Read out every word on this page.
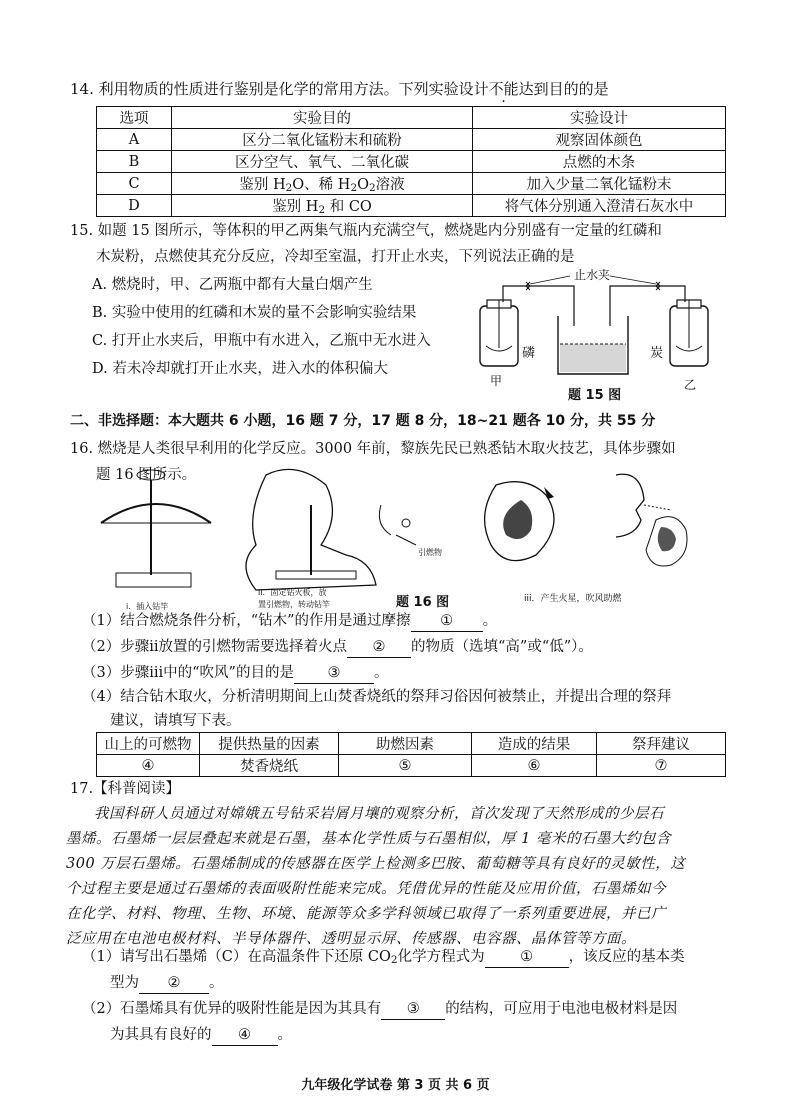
14. 利用物质的性质进行鉴别是化学的常用方法。下列实验设计不能达到目的的是
选项	实验目的	实验设计
A	区分二氧化锰粉末和硫粉	观察固体颜色
B	区分空气、氧气、二氧化碳	点燃的木条
C	鉴别 $H_2O$、稀 $H_2O_2$溶液	加入少量二氧化锰粉末
D	鉴别 $H_2$ 和 CO	将气体分别通入澄清石灰水中
15. 如题 15 图所示，等体积的甲乙两集气瓶内充满空气，燃烧匙内分别盛有一定量的红磷和
木炭粉，点燃使其充分反应，冷却至室温，打开止水夹，下列说法正确的是
A. 燃烧时，甲、乙两瓶中都有大量白烟产生
B. 实验中使用的红磷和木炭的量不会影响实验结果
C. 打开止水夹后，甲瓶中有水进入，乙瓶中无水进入
D. 若未冷却就打开止水夹，进入水的体积偏大
止水夹
磷	炭
甲	乙
题 15 图
二、非选择题：本大题共 6 小题，16 题 7 分，17 题 8 分，18~21 题各 10 分，共 55 分
16. 燃烧是人类很早利用的化学反应。3000 年前，黎族先民已熟悉钻木取火技艺，具体步骤如
题 16 图所示。
i．插入钻竿
ii．固定钻火板，放
置引燃物，转动钻竿
引燃物
题 16 图	iii．产生火星，吹风助燃
（1）结合燃烧条件分析，“钻木”的作用是通过摩擦 ① 。
（2）步骤ⅱ放置的引燃物需要选择着火点 ② 的物质（选填“高”或“低”）。
（3）步骤ⅲ中的“吹风”的目的是 ③ 。
（4）结合钻木取火，分析清明期间上山焚香烧纸的祭拜习俗因何被禁止，并提出合理的祭拜
建议，请填写下表。
山上的可燃物	提供热量的因素	助燃因素	造成的结果	祭拜建议
④	焚香烧纸	⑤	⑥	⑦
17.【科普阅读】
我国科研人员通过对嫦娥五号钻采岩屑月壤的观察分析，首次发现了天然形成的少层石
墨烯。石墨烯一层层叠起来就是石墨，基本化学性质与石墨相似，厚 1 毫米的石墨大约包含
300 万层石墨烯。石墨烯制成的传感器在医学上检测多巴胺、葡萄糖等具有良好的灵敏性，这
个过程主要是通过石墨烯的表面吸附性能来完成。凭借优异的性能及应用价值，石墨烯如今
在化学、材料、物理、生物、环境、能源等众多学科领域已取得了一系列重要进展，并已广
泛应用在电池电极材料、半导体器件、透明显示屏、传感器、电容器、晶体管等方面。
（1）请写出石墨烯（C）在高温条件下还原 $CO_2$化学方程式为 ① ，该反应的基本类
型为 ② 。
（2）石墨烯具有优异的吸附性能是因为其具有 ③ 的结构，可应用于电池电极材料是因
为其具有良好的 ④ 。
九年级化学试卷 第 3 页 共 6 页
